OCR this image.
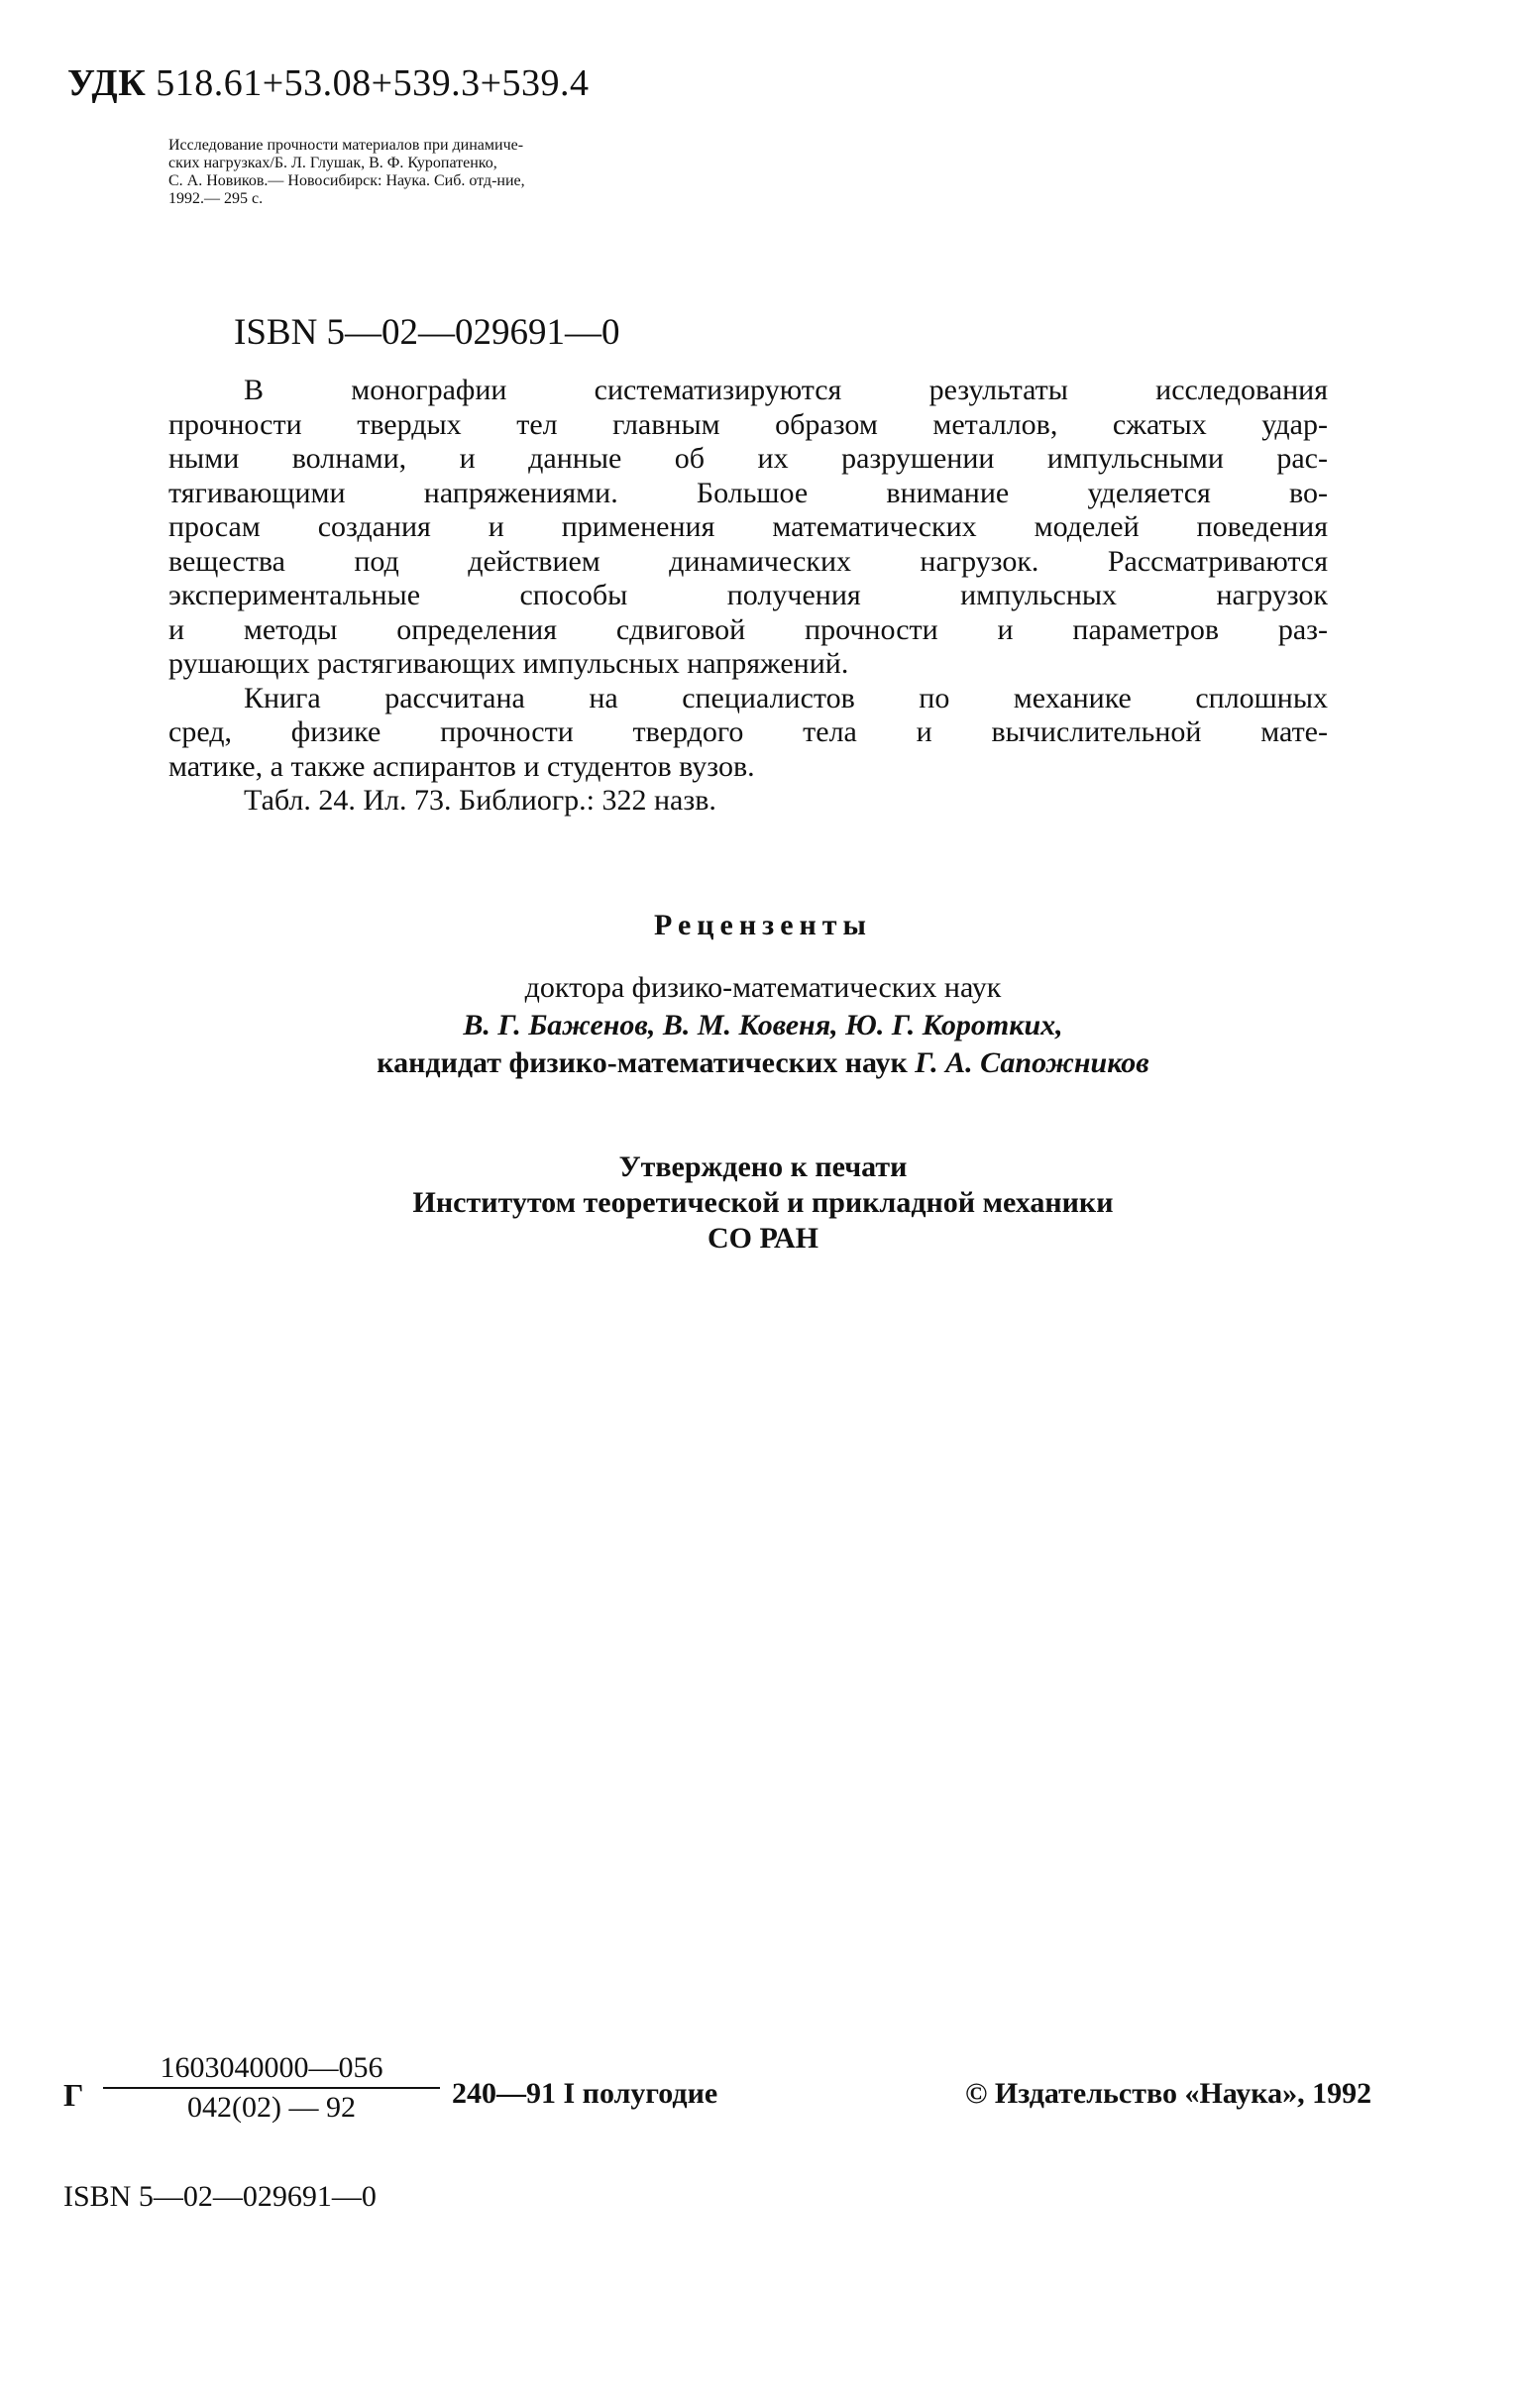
УДК 518.61+53.08+539.3+539.4
Исследование прочности материалов при динамиче-
ских нагрузках/Б. Л. Глушак, В. Ф. Куропатенко,
С. А. Новиков.— Новосибирск: Наука. Сиб. отд-ние,
1992.— 295 с.
ISBN 5—02—029691—0
В монографии систематизируются результаты исследования
прочности твердых тел главным образом металлов, сжатых удар-
ными волнами, и данные об их разрушении импульсными рас-
тягивающими напряжениями. Большое внимание уделяется во-
просам создания и применения математических моделей поведения
вещества под действием динамических нагрузок. Рассматриваются
экспериментальные способы получения импульсных нагрузок
и методы определения сдвиговой прочности и параметров раз-
рушающих растягивающих импульсных напряжений.
Книга рассчитана на специалистов по механике сплошных
сред, физике прочности твердого тела и вычислительной мате-
матике, а также аспирантов и студентов вузов.
Табл. 24. Ил. 73. Библиогр.: 322 назв.
Рецензенты
доктора физико-математических наук
В. Г. Баженов, В. М. Ковеня, Ю. Г. Коротких,
кандидат физико-математических наук Г. А. Сапожников
Утверждено к печати
Институтом теоретической и прикладной механики
СО РАН
Г $\frac{1603040000—056}{042(02) — 92}$ 240—91 I полугодие	© Издательство «Наука», 1992
ISBN 5—02—029691—0
